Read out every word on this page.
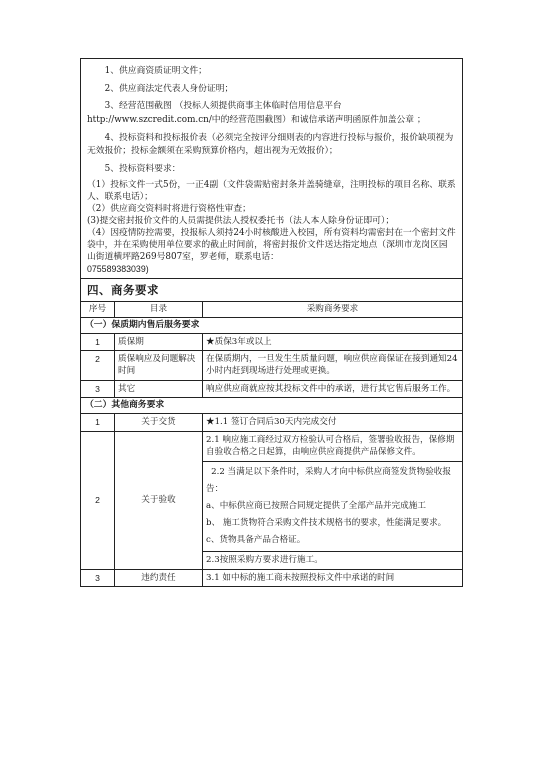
1、供应商资质证明文件；

2、供应商法定代表人身份证明；

3、经营范围截图 （投标人须提供商事主体临时信用信息平台http://www.szcredit.com.cn/中的经营范围截图）和诚信承诺声明函原件加盖公章 ；

4、投标资料和投标报价表（必须完全按评分细则表的内容进行投标与报价，报价缺项视为无效报价；投标金额须在采购预算价格内，超出视为无效报价）；

5、投标资料要求：

（1）投标文件一式5份，一正4副（文件袋需贴密封条并盖骑缝章，注明投标的项目名称、联系人、联系电话）；

（2）供应商交资料时将进行资格性审查；

(3)提交密封报价文件的人员需提供法人授权委托书（法人本人除身份证即可）；

（4）因疫情防控需要，投报标人须持24小时核酸进入校园，所有资料均需密封在一个密封文件袋中，并在采购使用单位要求的截止时间前，将密封报价文件送达指定地点（深圳市龙岗区园山街道横坪路269号807室，罗老师，联系电话：

075589383039)

四、商务要求
序号	目录	采购商务要求
（一）保质期内售后服务要求		
1	质保期	★质保3年或以上
2	质保响应及问题解决时间	在保质期内，一旦发生生质量问题，响应供应商保证在接到通知24小时内赶到现场进行处理或更换。
3	其它	响应供应商就应按其投标文件中的承诺，进行其它售后服务工作。
（二）其他商务要求		
1	关于交货	★1.1 签订合同后30天内完成交付
2	关于验收	2.1 响应施工商经过双方检验认可合格后，签署验收报告，保修期自验收合格之日起算，由响应供应商提供产品保修文件。

		2.2 当满足以下条件时，采购人才向中标供应商签发货物验收报告：
a、中标供应商已按照合同规定提供了全部产品并完成施工
b、 施工货物符合采购文件技术规格书的要求，性能满足要求。
c、货物具备产品合格证。

		2.3按照采购方要求进行施工。
3	违约责任	3.1 如中标的施工商未按照投标文件中承诺的时间
